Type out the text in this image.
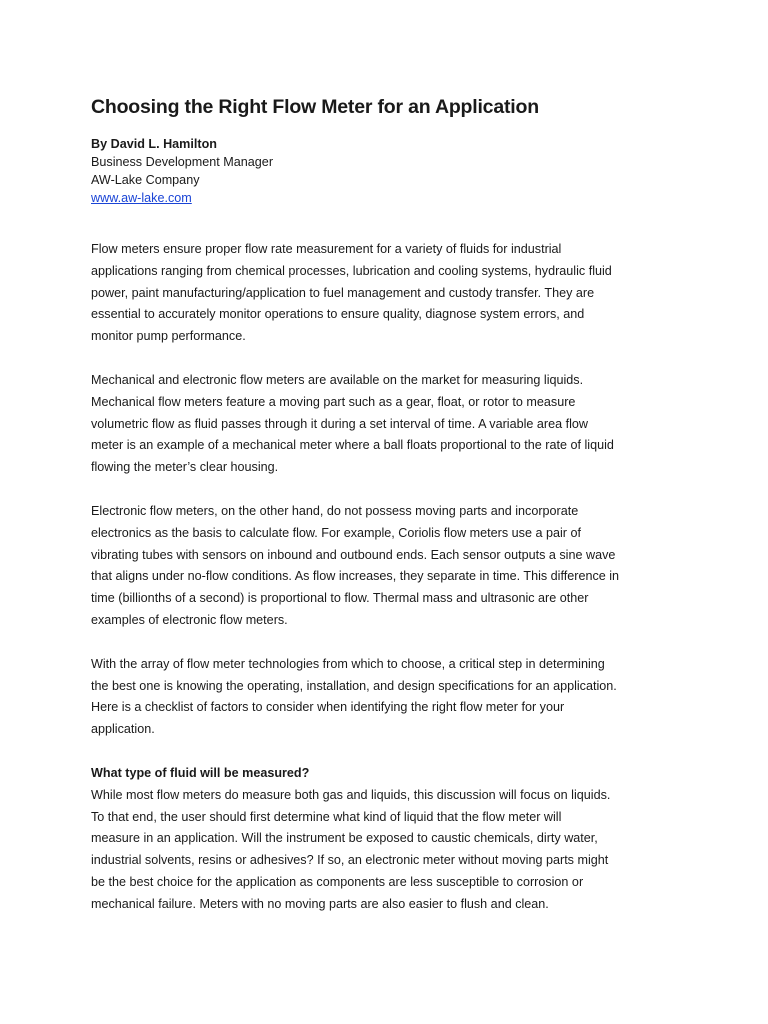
Choosing the Right Flow Meter for an Application
By David L. Hamilton
Business Development Manager
AW-Lake Company
www.aw-lake.com
Flow meters ensure proper flow rate measurement for a variety of fluids for industrial
applications ranging from chemical processes, lubrication and cooling systems, hydraulic fluid
power, paint manufacturing/application to fuel management and custody transfer. They are
essential to accurately monitor operations to ensure quality, diagnose system errors, and
monitor pump performance.
Mechanical and electronic flow meters are available on the market for measuring liquids.
Mechanical flow meters feature a moving part such as a gear, float, or rotor to measure
volumetric flow as fluid passes through it during a set interval of time. A variable area flow
meter is an example of a mechanical meter where a ball floats proportional to the rate of liquid
flowing the meter’s clear housing.
Electronic flow meters, on the other hand, do not possess moving parts and incorporate
electronics as the basis to calculate flow. For example, Coriolis flow meters use a pair of
vibrating tubes with sensors on inbound and outbound ends. Each sensor outputs a sine wave
that aligns under no-flow conditions. As flow increases, they separate in time. This difference in
time (billionths of a second) is proportional to flow. Thermal mass and ultrasonic are other
examples of electronic flow meters.
With the array of flow meter technologies from which to choose, a critical step in determining
the best one is knowing the operating, installation, and design specifications for an application.
Here is a checklist of factors to consider when identifying the right flow meter for your
application.
What type of fluid will be measured?
While most flow meters do measure both gas and liquids, this discussion will focus on liquids.
To that end, the user should first determine what kind of liquid that the flow meter will
measure in an application. Will the instrument be exposed to caustic chemicals, dirty water,
industrial solvents, resins or adhesives? If so, an electronic meter without moving parts might
be the best choice for the application as components are less susceptible to corrosion or
mechanical failure. Meters with no moving parts are also easier to flush and clean.
